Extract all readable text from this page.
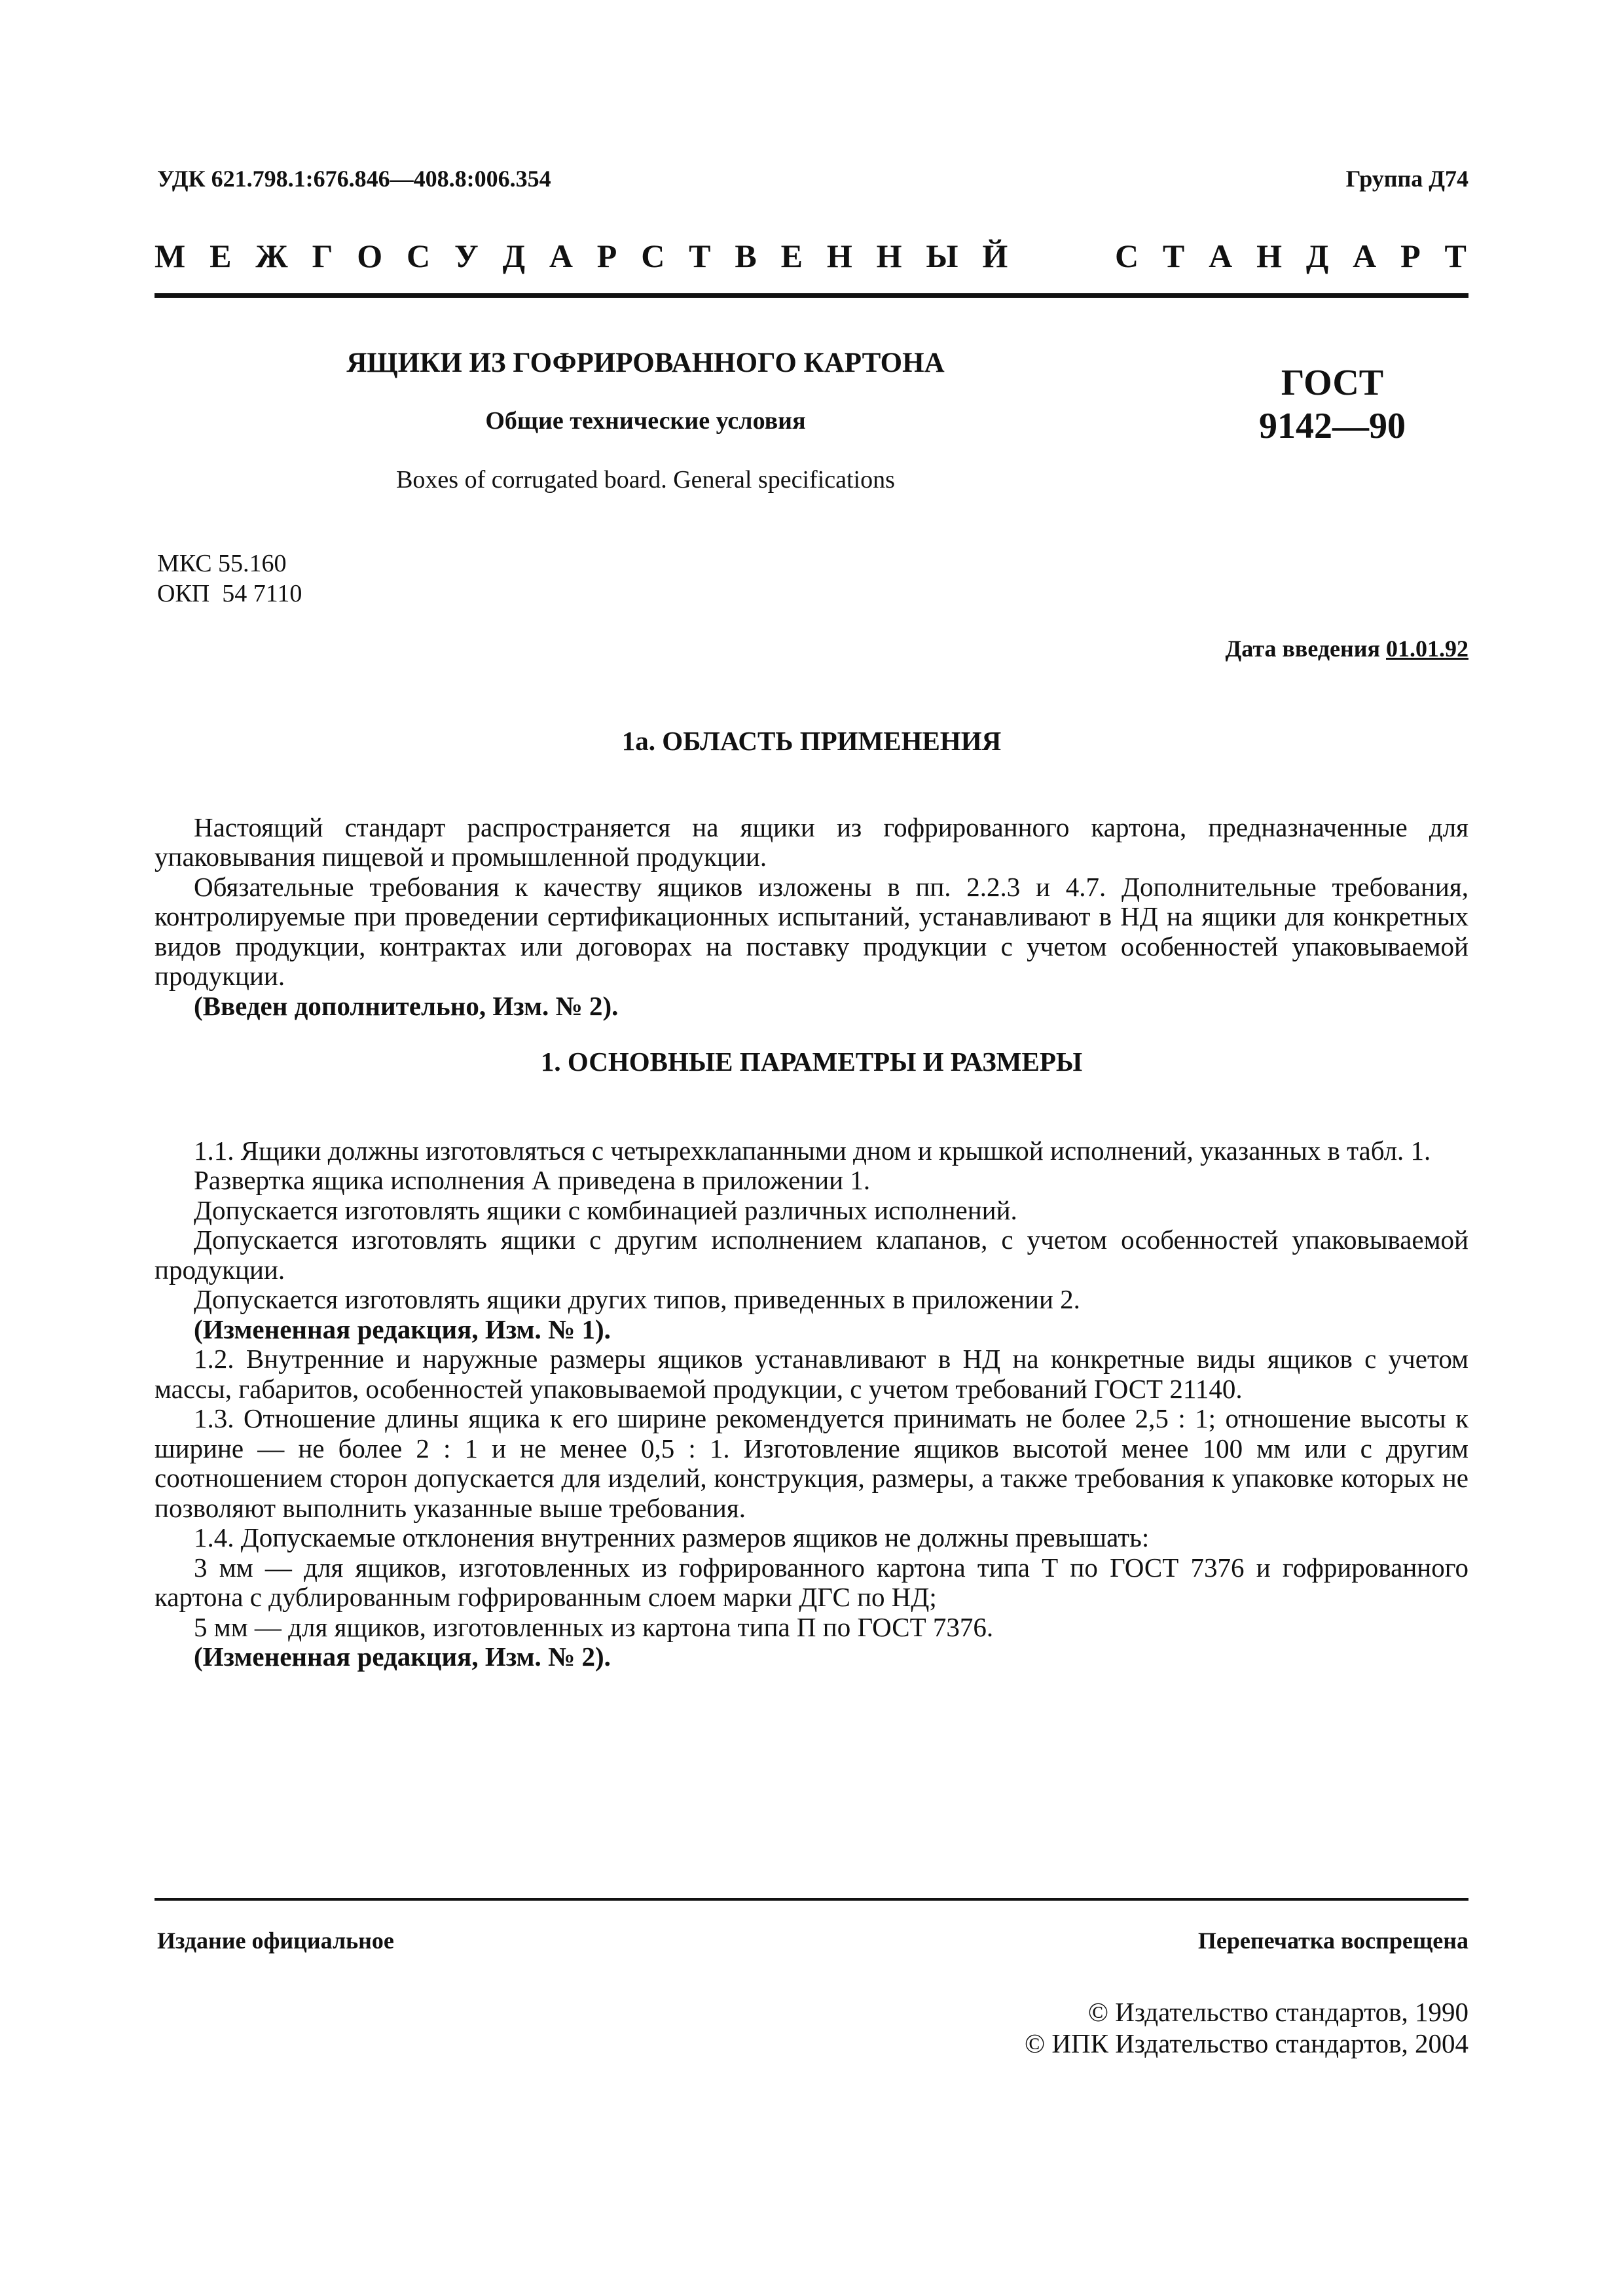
УДК 621.798.1:676.846—408.8:006.354	Группа Д74
М Е Ж Г О С У Д А Р С Т В Е Н Н Ы Й	С Т А Н Д А Р Т
ЯЩИКИ ИЗ ГОФРИРОВАННОГО КАРТОНА
Общие технические условия
Boxes of corrugated board. General specifications
ГОСТ
9142—90
МКС 55.160
ОКП  54 7110
Дата введения 01.01.92
1а. ОБЛАСТЬ ПРИМЕНЕНИЯ

Настоящий стандарт распространяется на ящики из гофрированного картона, предназначенные для упаковывания пищевой и промышленной продукции.

Обязательные требования к качеству ящиков изложены в пп. 2.2.3 и 4.7. Дополнительные требования, контролируемые при проведении сертификационных испытаний, устанавливают в НД на ящики для конкретных видов продукции, контрактах или договорах на поставку продукции с учетом особенностей упаковываемой продукции.

(Введен дополнительно, Изм. № 2).

1. ОСНОВНЫЕ ПАРАМЕТРЫ И РАЗМЕРЫ

1.1. Ящики должны изготовляться с четырехклапанными дном и крышкой исполнений, указанных в табл. 1.

Развертка ящика исполнения А приведена в приложении 1.

Допускается изготовлять ящики с комбинацией различных исполнений.

Допускается изготовлять ящики с другим исполнением клапанов, с учетом особенностей упаковываемой продукции.

Допускается изготовлять ящики других типов, приведенных в приложении 2.

(Измененная редакция, Изм. № 1).

1.2. Внутренние и наружные размеры ящиков устанавливают в НД на конкретные виды ящиков с учетом массы, габаритов, особенностей упаковываемой продукции, с учетом требований ГОСТ 21140.

1.3. Отношение длины ящика к его ширине рекомендуется принимать не более 2,5 : 1; отношение высоты к ширине — не более 2 : 1 и не менее 0,5 : 1. Изготовление ящиков высотой менее 100 мм или с другим соотношением сторон допускается для изделий, конструкция, размеры, а также требования к упаковке которых не позволяют выполнить указанные выше требования.

1.4. Допускаемые отклонения внутренних размеров ящиков не должны превышать:

3 мм — для ящиков, изготовленных из гофрированного картона типа Т по ГОСТ 7376 и гофрированного картона с дублированным гофрированным слоем марки ДГС по НД;

5 мм — для ящиков, изготовленных из картона типа П по ГОСТ 7376.

(Измененная редакция, Изм. № 2).

Издание официальное	Перепечатка воспрещена
© Издательство стандартов, 1990
© ИПК Издательство стандартов, 2004
